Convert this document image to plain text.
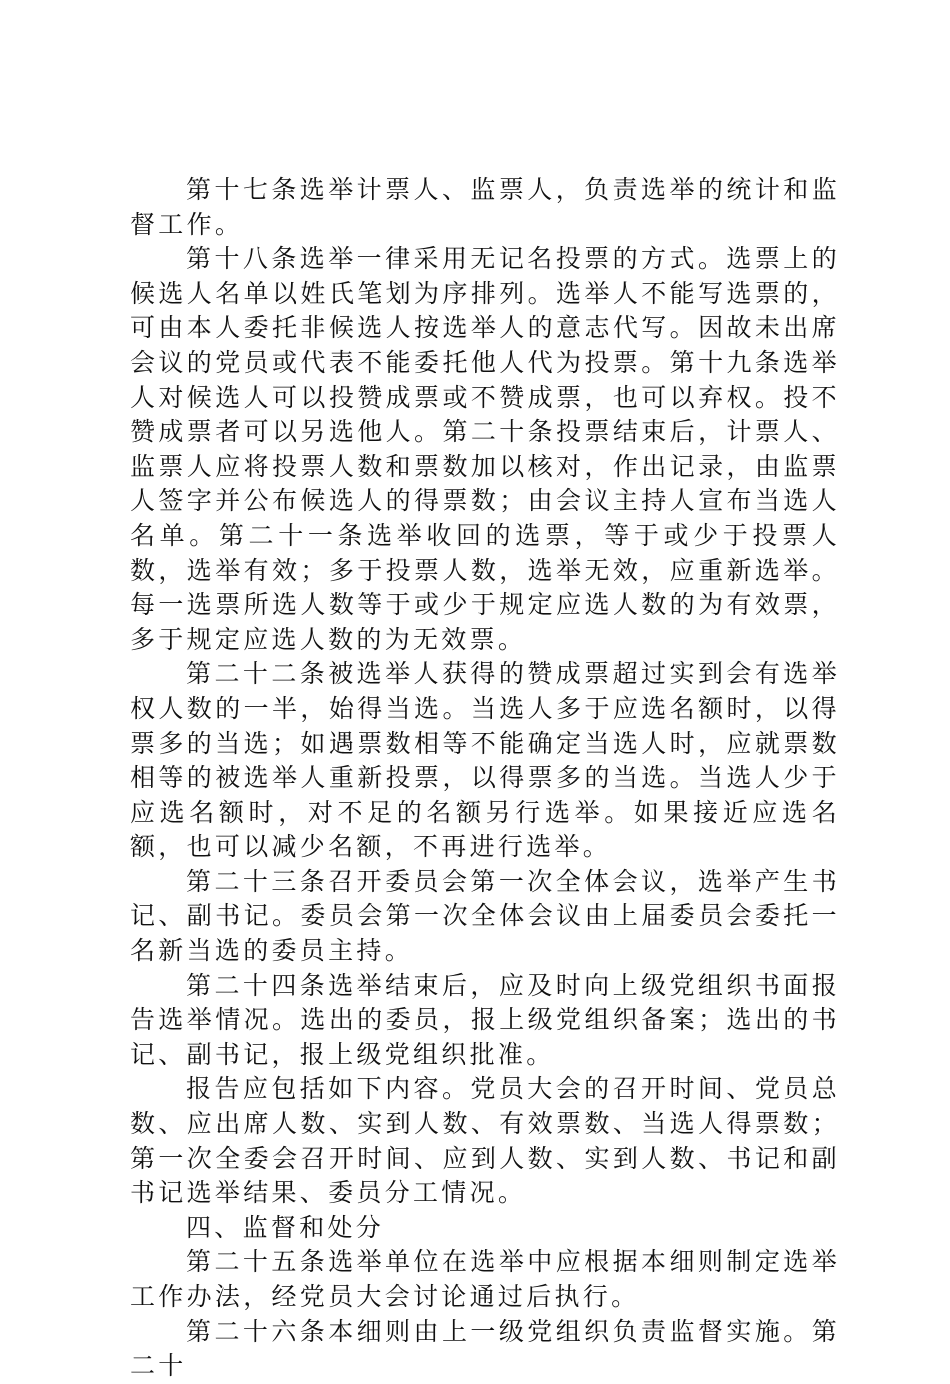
第十七条选举计票人、监票人，负责选举的统计和监督工作。

第十八条选举一律采用无记名投票的方式。选票上的候选人名单以姓氏笔划为序排列。选举人不能写选票的，可由本人委托非候选人按选举人的意志代写。因故未出席会议的党员或代表不能委托他人代为投票。第十九条选举人对候选人可以投赞成票或不赞成票，也可以弃权。投不赞成票者可以另选他人。第二十条投票结束后，计票人、监票人应将投票人数和票数加以核对，作出记录，由监票人签字并公布候选人的得票数；由会议主持人宣布当选人名单。第二十一条选举收回的选票，等于或少于投票人数，选举有效；多于投票人数，选举无效，应重新选举。每一选票所选人数等于或少于规定应选人数的为有效票，多于规定应选人数的为无效票。

第二十二条被选举人获得的赞成票超过实到会有选举权人数的一半，始得当选。当选人多于应选名额时，以得票多的当选；如遇票数相等不能确定当选人时，应就票数相等的被选举人重新投票，以得票多的当选。当选人少于应选名额时，对不足的名额另行选举。如果接近应选名额，也可以减少名额，不再进行选举。

第二十三条召开委员会第一次全体会议，选举产生书记、副书记。委员会第一次全体会议由上届委员会委托一名新当选的委员主持。

第二十四条选举结束后，应及时向上级党组织书面报告选举情况。选出的委员，报上级党组织备案；选出的书记、副书记，报上级党组织批准。

报告应包括如下内容。党员大会的召开时间、党员总数、应出席人数、实到人数、有效票数、当选人得票数；第一次全委会召开时间、应到人数、实到人数、书记和副书记选举结果、委员分工情况。

四、监督和处分

第二十五条选举单位在选举中应根据本细则制定选举工作办法，经党员大会讨论通过后执行。

第二十六条本细则由上一级党组织负责监督实施。第二十
